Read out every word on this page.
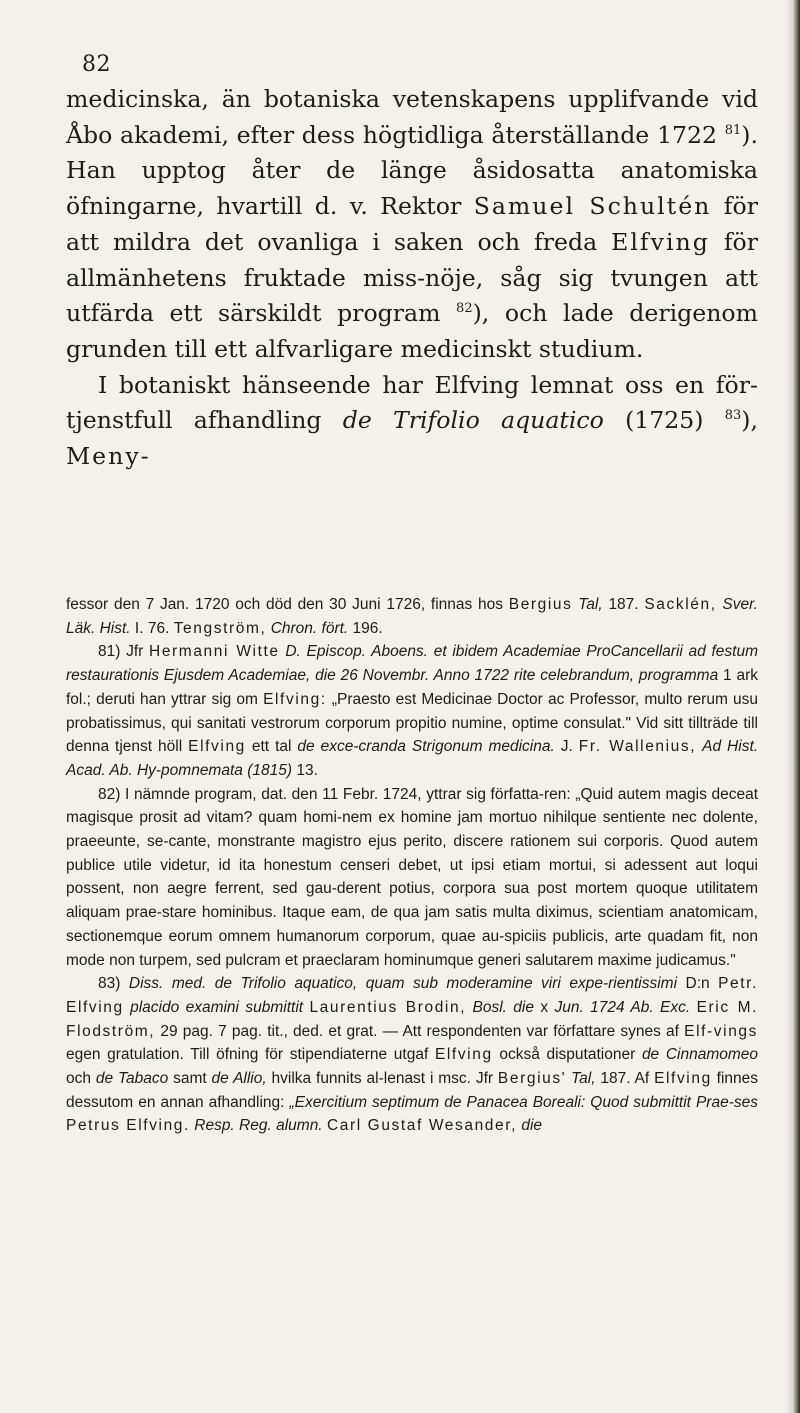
82

medicinska, än botaniska vetenskapens upplifvande vid Åbo akademi, efter dess högtidliga återställande 1722 $^{81}$). Han upptog åter de länge åsidosatta anatomiska öfningarne, hvartill d. v. Rektor Samuel Schultén för att mildra det ovanliga i saken och freda Elfving för allmänhetens fruktade miss-nöje, såg sig tvungen att utfärda ett särskildt program $^{82}$), och lade derigenom grunden till ett alfvarligare medicinskt studium.

I botaniskt hänseende har Elfving lemnat oss en för-tjenstfull afhandling de Trifolio aquatico (1725) $^{83}$), Meny-

fessor den 7 Jan. 1720 och död den 30 Juni 1726, finnas hos Bergius Tal, 187. Sacklén, Sver. Läk. Hist. I. 76. Tengström, Chron. fört. 196.

81) Jfr Hermanni Witte D. Episcop. Aboens. et ibidem Academiae ProCancellarii ad festum restaurationis Ejusdem Academiae, die 26 Novembr. Anno 1722 rite celebrandum, programma 1 ark fol.; deruti han yttrar sig om Elfving: „Praesto est Medicinae Doctor ac Professor, multo rerum usu probatissimus, qui sanitati vestrorum corporum propitio numine, optime consulat." Vid sitt tillträde till denna tjenst höll Elfving ett tal de exce-cranda Strigonum medicina. J. Fr. Wallenius, Ad Hist. Acad. Ab. Hy-pomnemata (1815) 13.

82) I nämnde program, dat. den 11 Febr. 1724, yttrar sig författa-ren: „Quid autem magis deceat magisque prosit ad vitam? quam homi-nem ex homine jam mortuo nihilque sentiente nec dolente, praeeunte, se-cante, monstrante magistro ejus perito, discere rationem sui corporis. Quod autem publice utile videtur, id ita honestum censeri debet, ut ipsi etiam mortui, si adessent aut loqui possent, non aegre ferrent, sed gau-derent potius, corpora sua post mortem quoque utilitatem aliquam prae-stare hominibus. Itaque eam, de qua jam satis multa diximus, scientiam anatomicam, sectionemque eorum omnem humanorum corporum, quae au-spiciis publicis, arte quadam fit, non mode non turpem, sed pulcram et praeclaram hominumque generi salutarem maxime judicamus."

83) Diss. med. de Trifolio aquatico, quam sub moderamine viri expe-rientissimi D:n Petr. Elfving placido examini submittit Laurentius Brodin, Bosl. die x Jun. 1724 Ab. Exc. Eric M. Flodström, 29 pag. 7 pag. tit., ded. et grat. — Att respondenten var författare synes af Elf-vings egen gratulation. Till öfning för stipendiaterne utgaf Elfving också disputationer de Cinnamomeo och de Tabaco samt de Allio, hvilka funnits al-lenast i msc. Jfr Bergius' Tal, 187. Af Elfving finnes dessutom en annan afhandling: „Exercitium septimum de Panacea Boreali: Quod submittit Prae-ses Petrus Elfving. Resp. Reg. alumn. Carl Gustaf Wesander, die
